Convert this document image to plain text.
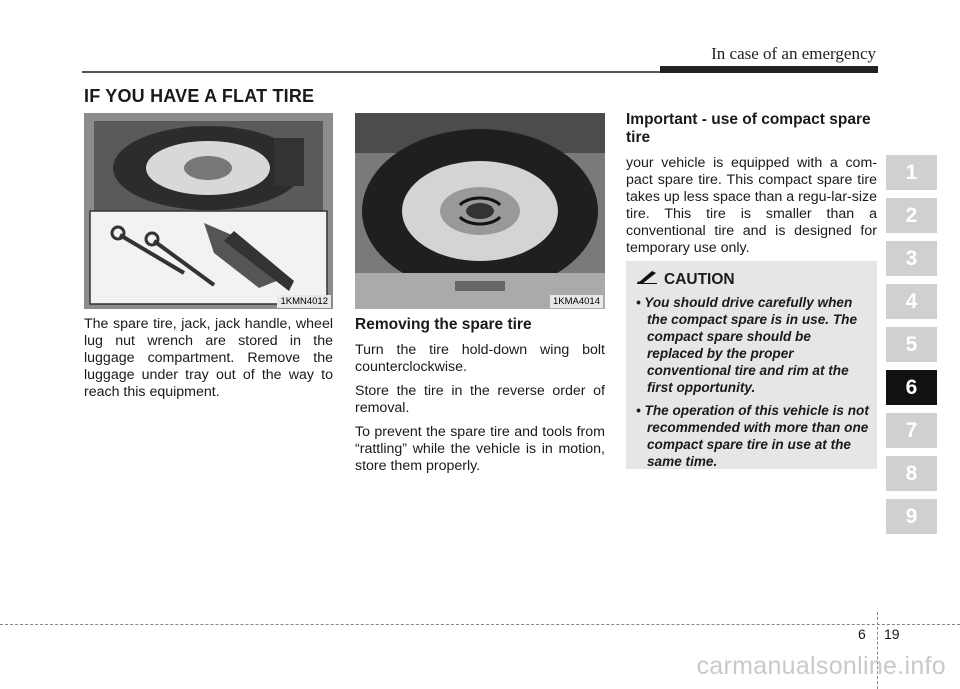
In case of an emergency
IF YOU HAVE A FLAT TIRE
1KMN4012	1KMA4014

The spare tire, jack, jack handle, wheel lug nut wrench are stored in the luggage compartment. Remove the luggage under tray out of the way to reach this equipment.

Removing the spare tire

Turn the tire hold-down wing bolt counterclockwise.

Store the tire in the reverse order of removal.

To prevent the spare tire and tools from “rattling” while the vehicle is in motion, store them properly.

Important - use of compact spare tire

your vehicle is equipped with a com-pact spare tire. This compact spare tire takes up less space than a regu-lar-size tire. This tire is smaller than a conventional tire and is designed for temporary use only.

CAUTION
• You should drive carefully when the compact spare is in use. The compact spare should be replaced by the proper conventional tire and rim at the first opportunity.
• The operation of this vehicle is not recommended with more than one compact spare tire in use at the same time.
1
2
3
4
5
6
7
8
9
6 19
carmanualsonline.info
